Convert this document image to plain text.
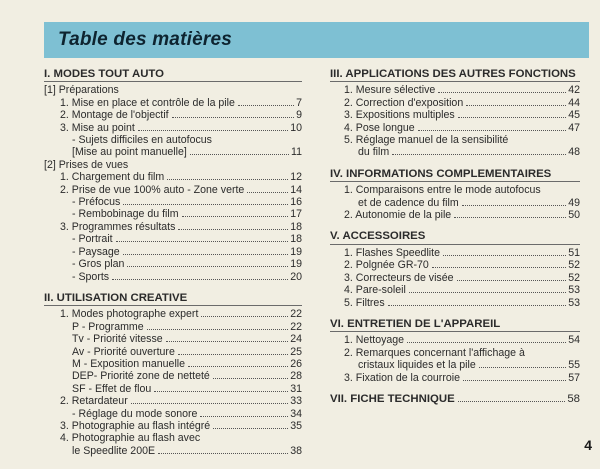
Table des matières
I. MODES TOUT AUTO
[1] Préparations
1. Mise en place et contrôle de la pile	7
2. Montage de l'objectif	9
3. Mise au point	10
- Sujets difficiles en autofocus
[Mise au point manuelle]	11
[2] Prises de vues
1. Chargement du film	12
2. Prise de vue 100% auto - Zone verte	14
- Préfocus	16
- Rembobinage du film	17
3. Programmes résultats	18
- Portrait	18
- Paysage	19
- Gros plan	19
- Sports	20
II. UTILISATION CREATIVE
1. Modes photographe expert	22
P - Programme	22
Tv - Priorité vitesse	24
Av - Priorité ouverture	25
M - Exposition manuelle	26
DEP- Priorité zone de netteté	28
SF - Effet de flou	31
2. Retardateur	33
- Réglage du mode sonore	34
3. Photographie au flash intégré	35
4. Photographie au flash avec
le Speedlite 200E	38
III. APPLICATIONS DES AUTRES FONCTIONS
1. Mesure sélective	42
2. Correction d'exposition	44
3. Expositions multiples	45
4. Pose longue	47
5. Réglage manuel de la sensibilité
du film	48
IV. INFORMATIONS COMPLEMENTAIRES
1. Comparaisons entre le mode autofocus
et de cadence du film	49
2. Autonomie de la pile	50
V. ACCESSOIRES
1. Flashes Speedlite	51
2. Polgnée GR-70	52
3. Correcteurs de visée	52
4. Pare-soleil	53
5. Filtres	53
VI. ENTRETIEN DE L'APPAREIL
1. Nettoyage	54
2. Remarques concernant l'affichage à
cristaux liquides et la pile	55
3. Fixation de la courroie	57
VII. FICHE TECHNIQUE	58
4
